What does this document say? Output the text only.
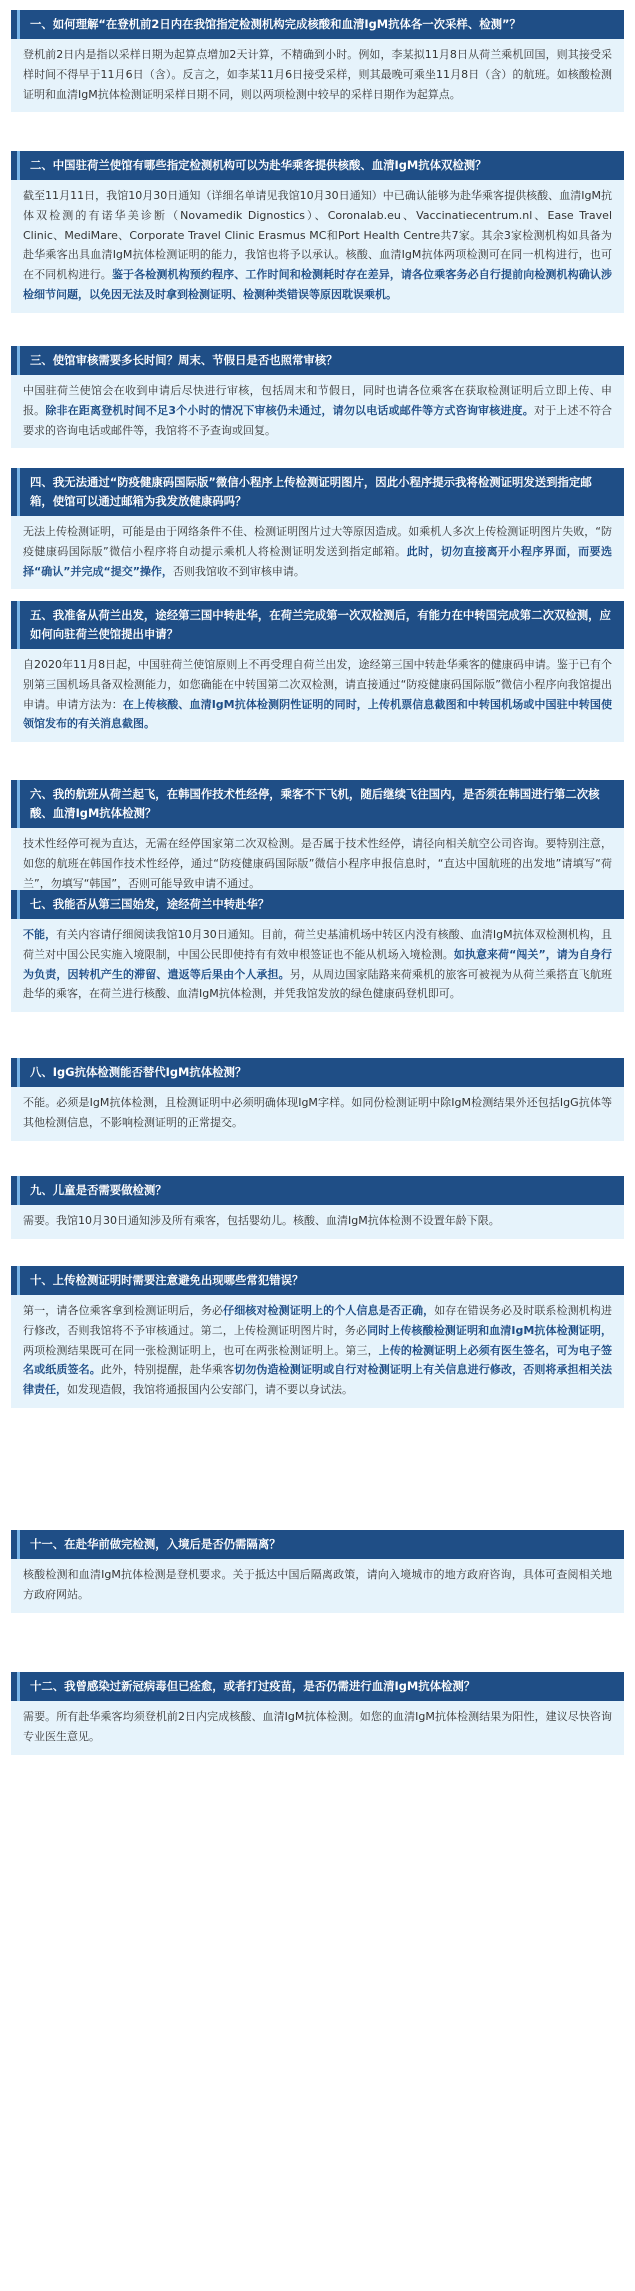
一、如何理解“在登机前2日内在我馆指定检测机构完成核酸和血清IgM抗体各一次采样、检测”？
登机前2日内是指以采样日期为起算点增加2天计算，不精确到小时。例如，李某拟11月8日从荷兰乘机回国，则其接受采样时间不得早于11月6日（含）。反言之，如李某11月6日接受采样，则其最晚可乘坐11月8日（含）的航班。如核酸检测证明和血清IgM抗体检测证明采样日期不同，则以两项检测中较早的采样日期作为起算点。
二、中国驻荷兰使馆有哪些指定检测机构可以为赴华乘客提供核酸、血清IgM抗体双检测？
截至11月11日，我馆10月30日通知（详细名单请见我馆10月30日通知）中已确认能够为赴华乘客提供核酸、血清IgM抗体双检测的有诺华美诊断（Novamedik Dignostics）、Coronalab.eu、Vaccinatiecentrum.nl、Ease Travel Clinic、MediMare、Corporate Travel Clinic Erasmus MC和Port Health Centre共7家。其余3家检测机构如具备为赴华乘客出具血清IgM抗体检测证明的能力，我馆也将予以承认。核酸、血清IgM抗体两项检测可在同一机构进行，也可在不同机构进行。鉴于各检测机构预约程序、工作时间和检测耗时存在差异，请各位乘客务必自行提前向检测机构确认涉检细节问题，以免因无法及时拿到检测证明、检测种类错误等原因耽误乘机。
三、使馆审核需要多长时间？周末、节假日是否也照常审核？
中国驻荷兰使馆会在收到申请后尽快进行审核，包括周末和节假日，同时也请各位乘客在获取检测证明后立即上传、申报。除非在距离登机时间不足3个小时的情况下审核仍未通过，请勿以电话或邮件等方式咨询审核进度。对于上述不符合要求的咨询电话或邮件等，我馆将不予查询或回复。
四、我无法通过“防疫健康码国际版”微信小程序上传检测证明图片，因此小程序提示我将检测证明发送到指定邮箱，使馆可以通过邮箱为我发放健康码吗？
无法上传检测证明，可能是由于网络条件不佳、检测证明图片过大等原因造成。如乘机人多次上传检测证明图片失败，“防疫健康码国际版”微信小程序将自动提示乘机人将检测证明发送到指定邮箱。此时，切勿直接离开小程序界面，而要选择“确认”并完成“提交”操作，否则我馆收不到审核申请。
五、我准备从荷兰出发，途经第三国中转赴华，在荷兰完成第一次双检测后，有能力在中转国完成第二次双检测，应如何向驻荷兰使馆提出申请？
自2020年11月8日起，中国驻荷兰使馆原则上不再受理自荷兰出发，途经第三国中转赴华乘客的健康码申请。鉴于已有个别第三国机场具备双检测能力，如您确能在中转国第二次双检测，请直接通过“防疫健康码国际版”微信小程序向我馆提出申请。申请方法为：在上传核酸、血清IgM抗体检测阴性证明的同时，上传机票信息截图和中转国机场或中国驻中转国使领馆发布的有关消息截图。
六、我的航班从荷兰起飞，在韩国作技术性经停，乘客不下飞机，随后继续飞往国内，是否须在韩国进行第二次核酸、血清IgM抗体检测？
技术性经停可视为直达，无需在经停国家第二次双检测。是否属于技术性经停，请径向相关航空公司咨询。要特别注意，如您的航班在韩国作技术性经停，通过“防疫健康码国际版”微信小程序申报信息时，“直达中国航班的出发地”请填写“荷兰”，勿填写“韩国”，否则可能导致申请不通过。
七、我能否从第三国始发，途经荷兰中转赴华？
不能，有关内容请仔细阅读我馆10月30日通知。目前，荷兰史基浦机场中转区内没有核酸、血清IgM抗体双检测机构，且荷兰对中国公民实施入境限制，中国公民即使持有有效申根签证也不能从机场入境检测。如执意来荷“闯关”，请为自身行为负责，因转机产生的滞留、遣返等后果由个人承担。另，从周边国家陆路来荷乘机的旅客可被视为从荷兰乘搭直飞航班赴华的乘客，在荷兰进行核酸、血清IgM抗体检测，并凭我馆发放的绿色健康码登机即可。
八、IgG抗体检测能否替代IgM抗体检测？
不能。必须是IgM抗体检测，且检测证明中必须明确体现IgM字样。如同份检测证明中除IgM检测结果外还包括IgG抗体等其他检测信息，不影响检测证明的正常提交。
九、儿童是否需要做检测？
需要。我馆10月30日通知涉及所有乘客，包括婴幼儿。核酸、血清IgM抗体检测不设置年龄下限。
十、上传检测证明时需要注意避免出现哪些常犯错误？
第一，请各位乘客拿到检测证明后，务必仔细核对检测证明上的个人信息是否正确，如存在错误务必及时联系检测机构进行修改，否则我馆将不予审核通过。第二，上传检测证明图片时，务必同时上传核酸检测证明和血清IgM抗体检测证明，两项检测结果既可在同一张检测证明上，也可在两张检测证明上。第三，上传的检测证明上必须有医生签名，可为电子签名或纸质签名。此外，特别提醒，赴华乘客切勿伪造检测证明或自行对检测证明上有关信息进行修改，否则将承担相关法律责任，如发现造假，我馆将通报国内公安部门，请不要以身试法。
十一、在赴华前做完检测，入境后是否仍需隔离？
核酸检测和血清IgM抗体检测是登机要求。关于抵达中国后隔离政策，请向入境城市的地方政府咨询，具体可查阅相关地方政府网站。
十二、我曾感染过新冠病毒但已痊愈，或者打过疫苗，是否仍需进行血清IgM抗体检测？
需要。所有赴华乘客均须登机前2日内完成核酸、血清IgM抗体检测。如您的血清IgM抗体检测结果为阳性，建议尽快咨询专业医生意见。
